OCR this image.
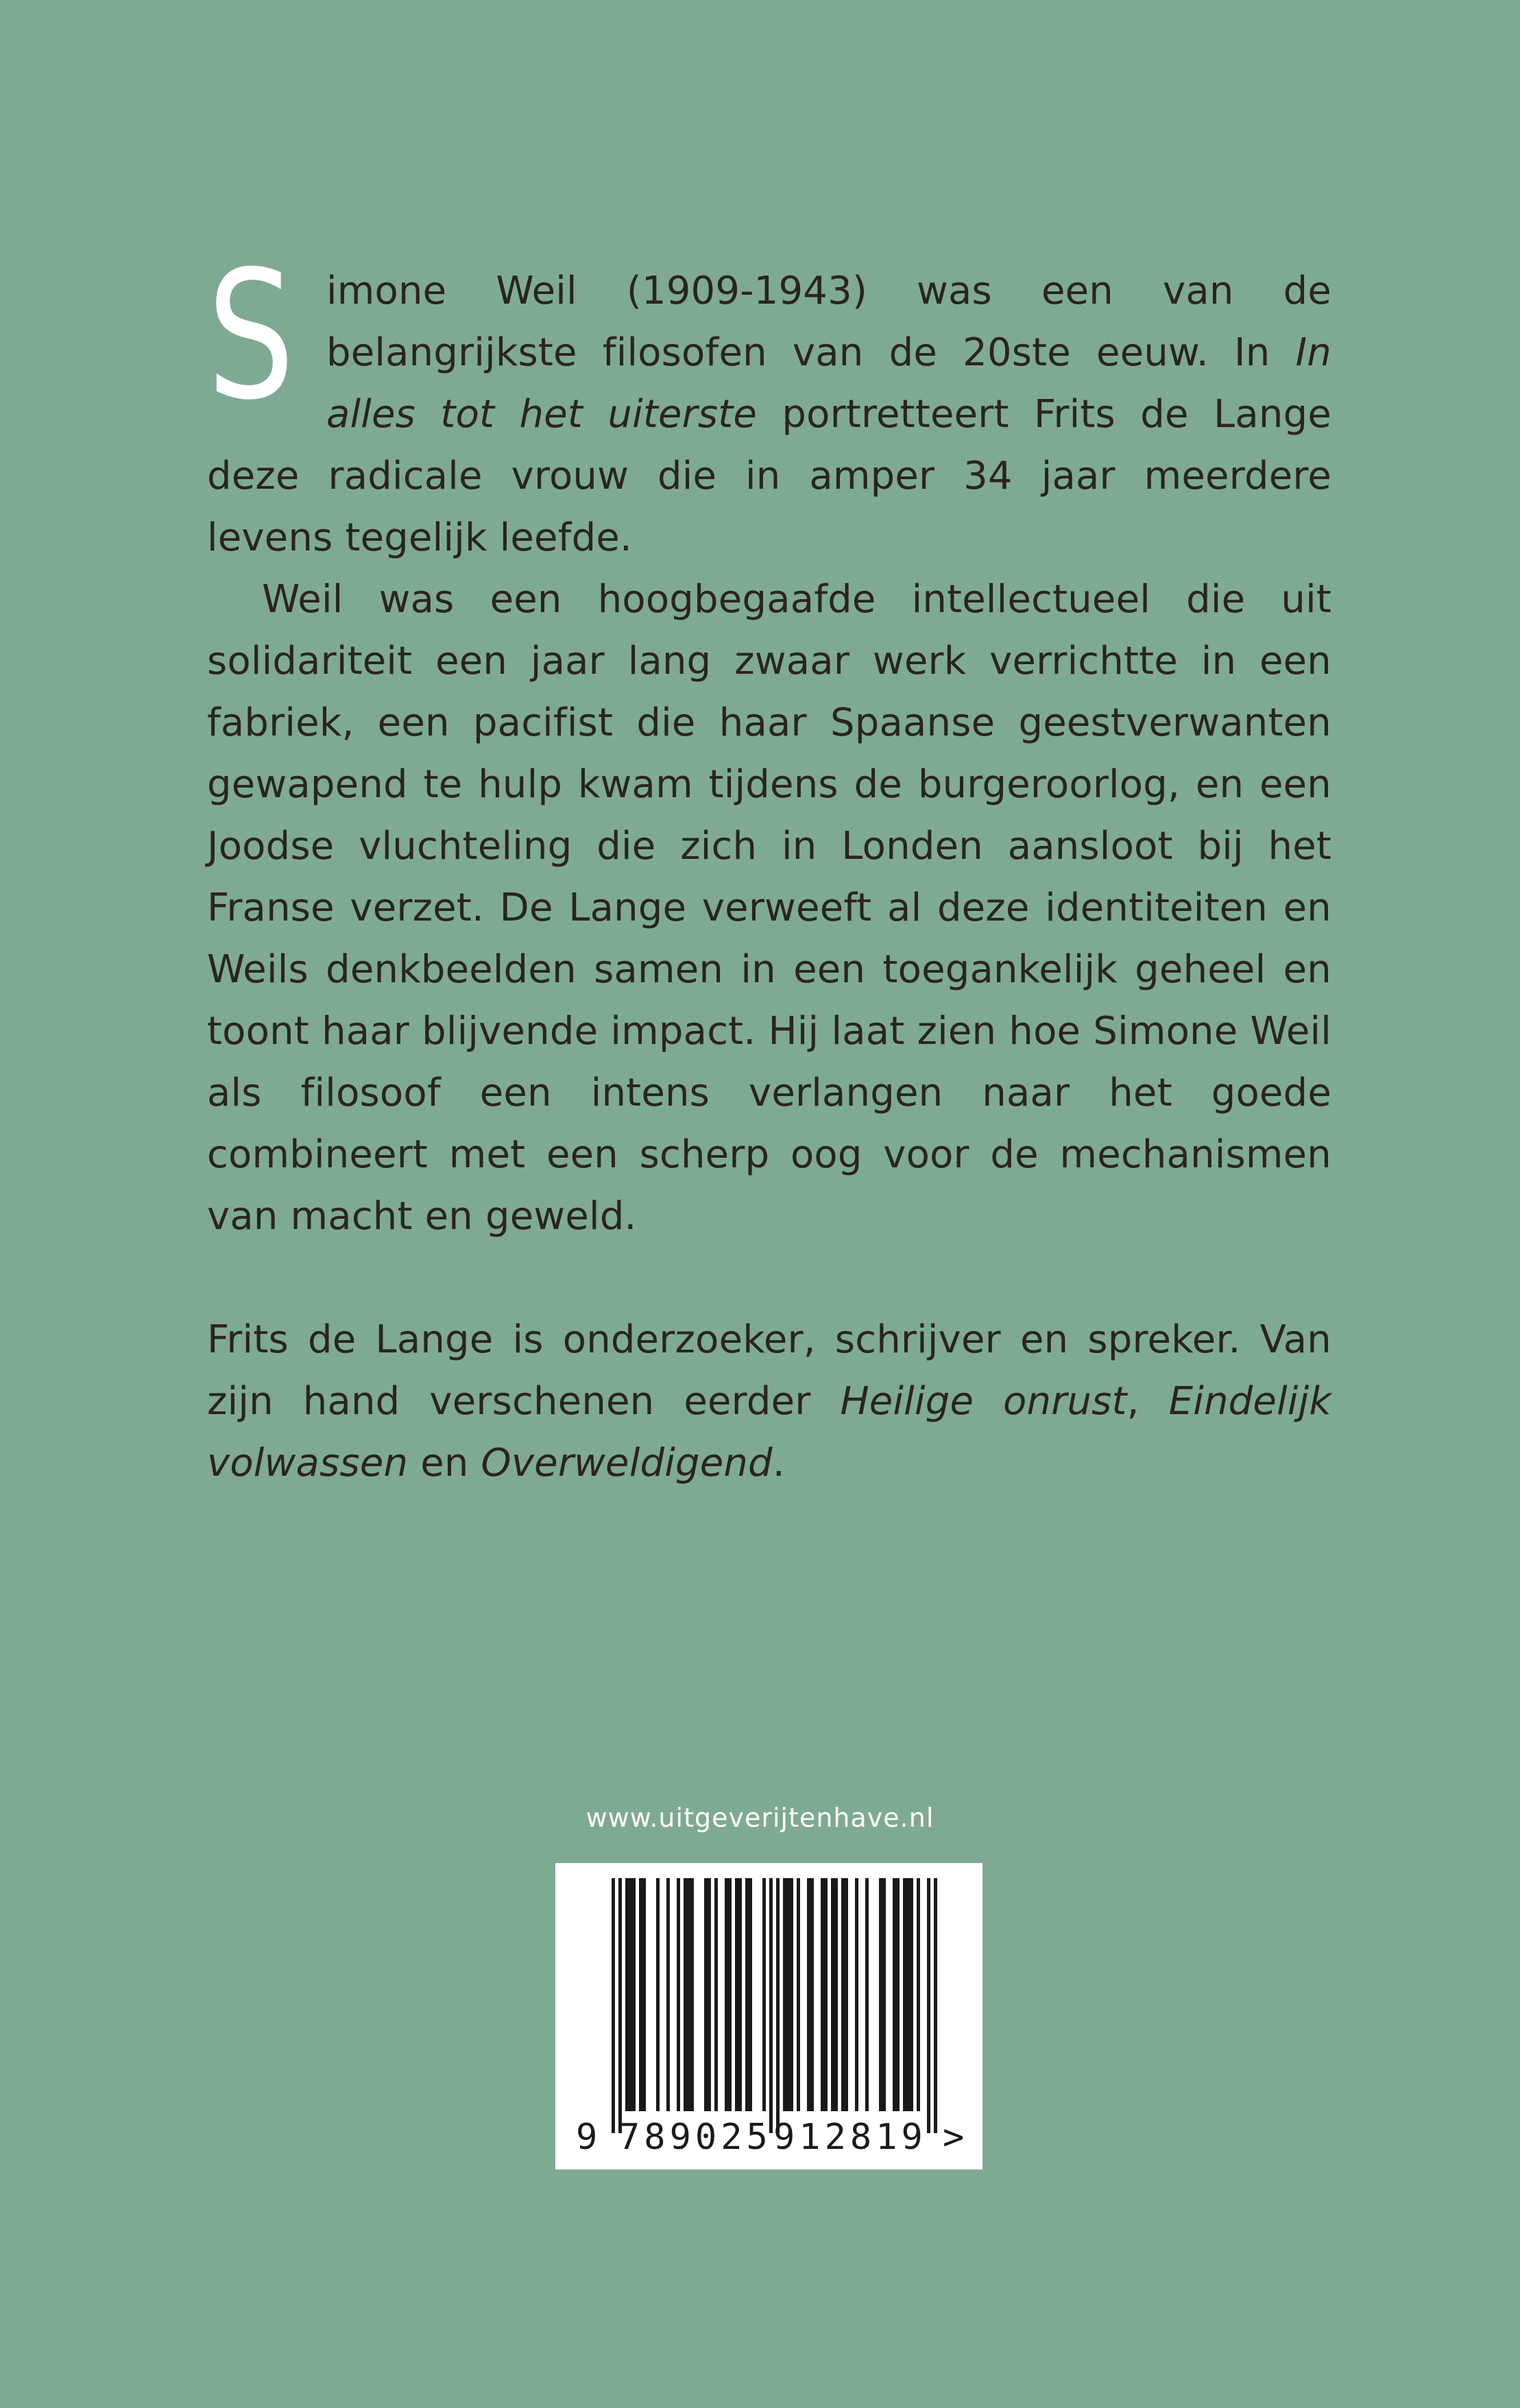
Simone Weil (1909-1943) was een van de belangrijkste filosofen van de 20ste eeuw. In In alles tot het uiterste portretteert Frits de Lange deze radicale vrouw die in amper 34 jaar meerdere levens tegelijk leefde.

Weil was een hoogbegaafde intellectueel die uit solidariteit een jaar lang zwaar werk verrichtte in een fabriek, een pacifist die haar Spaanse geestverwanten gewapend te hulp kwam tijdens de burgeroorlog, en een Joodse vluchteling die zich in Londen aansloot bij het Franse verzet. De Lange verweeft al deze identiteiten en Weils denkbeelden samen in een toegankelijk geheel en toont haar blijvende impact. Hij laat zien hoe Simone Weil als filosoof een intens verlangen naar het goede combineert met een scherp oog voor de mechanismen van macht en geweld.

Frits de Lange is onderzoeker, schrijver en spreker. Van zijn hand verschenen eerder Heilige onrust, Eindelijk volwassen en Overweldigend.

www.uitgeverijtenhave.nl
9 789025 912819 >
